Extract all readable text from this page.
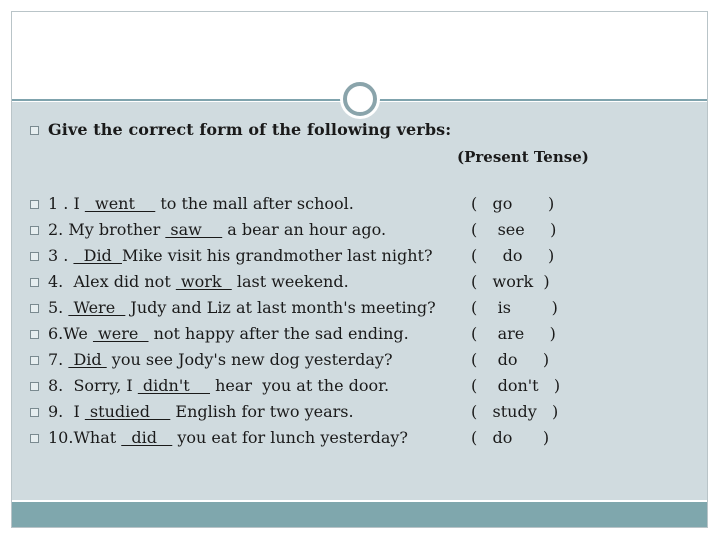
Give the correct form of the following verbs:
(Present Tense)
1 . I   went     to the mall after school.	(   go       )
2. My brother  saw     a bear an hour ago.	(    see     )
3 .   Did  Mike visit his grandmother last night? (     do     )
4.  Alex did not  work   last weekend.	(   work  )
5.  Were   Judy and Liz at last month's meeting? (    is        )
6.We  were   not happy after the sad ending.	(    are     )
7.  Did  you see Jody's new dog yesterday?	(    do     )
8.  Sorry, I  didn't     hear  you at the door.	(    don't   )
9.  I  studied     English for two years.	(   study   )
10.What   did    you eat for lunch yesterday?	(   do      )
